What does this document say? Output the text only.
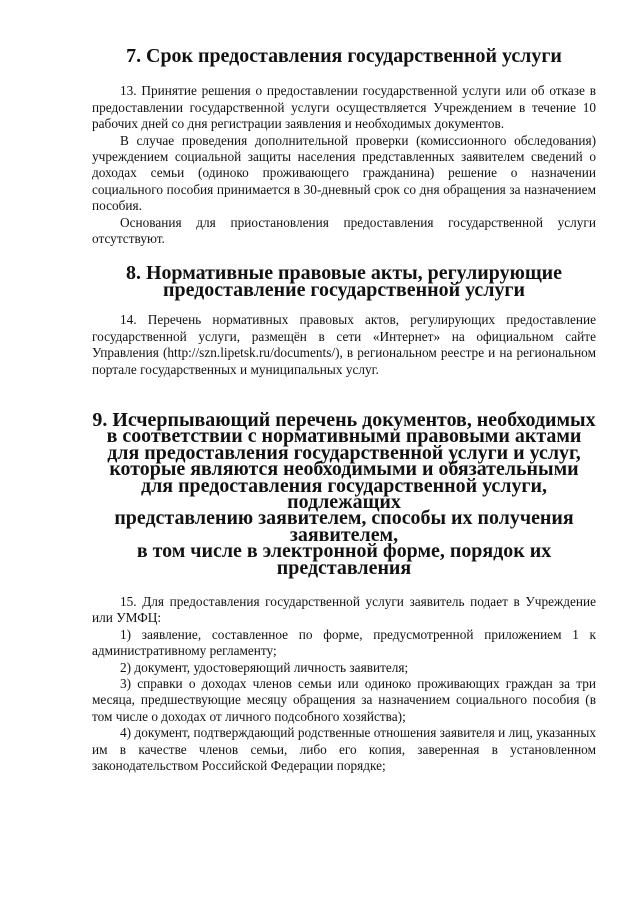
7. Срок предоставления государственной услуги

13. Принятие решения о предоставлении государственной услуги или об отказе в предоставлении государственной услуги осуществляется Учреждением в течение 10 рабочих дней со дня регистрации заявления и необходимых документов.

В случае проведения дополнительной проверки (комиссионного обследования) учреждением социальной защиты населения представленных заявителем сведений о доходах семьи (одиноко проживающего гражданина) решение о назначении социального пособия принимается в 30-дневный срок со дня обращения за назначением пособия.

Основания для приостановления предоставления государственной услуги отсутствуют.

8. Нормативные правовые акты, регулирующие
предоставление государственной услуги

14. Перечень нормативных правовых актов, регулирующих предоставление государственной услуги, размещён в сети «Интернет» на официальном сайте Управления (http://szn.lipetsk.ru/documents/), в региональном реестре и на региональном портале государственных и муниципальных услуг.

9. Исчерпывающий перечень документов, необходимых
в соответствии с нормативными правовыми актами
для предоставления государственной услуги и услуг,
которые являются необходимыми и обязательными
для предоставления государственной услуги, подлежащих
представлению заявителем, способы их получения заявителем,
в том числе в электронной форме, порядок их представления

15. Для предоставления государственной услуги заявитель подает в Учреждение или УМФЦ:

1) заявление, составленное по форме, предусмотренной приложением 1 к административному регламенту;

2) документ, удостоверяющий личность заявителя;

3) справки о доходах членов семьи или одиноко проживающих граждан за три месяца, предшествующие месяцу обращения за назначением социального пособия (в том числе о доходах от личного подсобного хозяйства);

4) документ, подтверждающий родственные отношения заявителя и лиц, указанных им в качестве членов семьи, либо его копия, заверенная в установленном законодательством Российской Федерации порядке;
